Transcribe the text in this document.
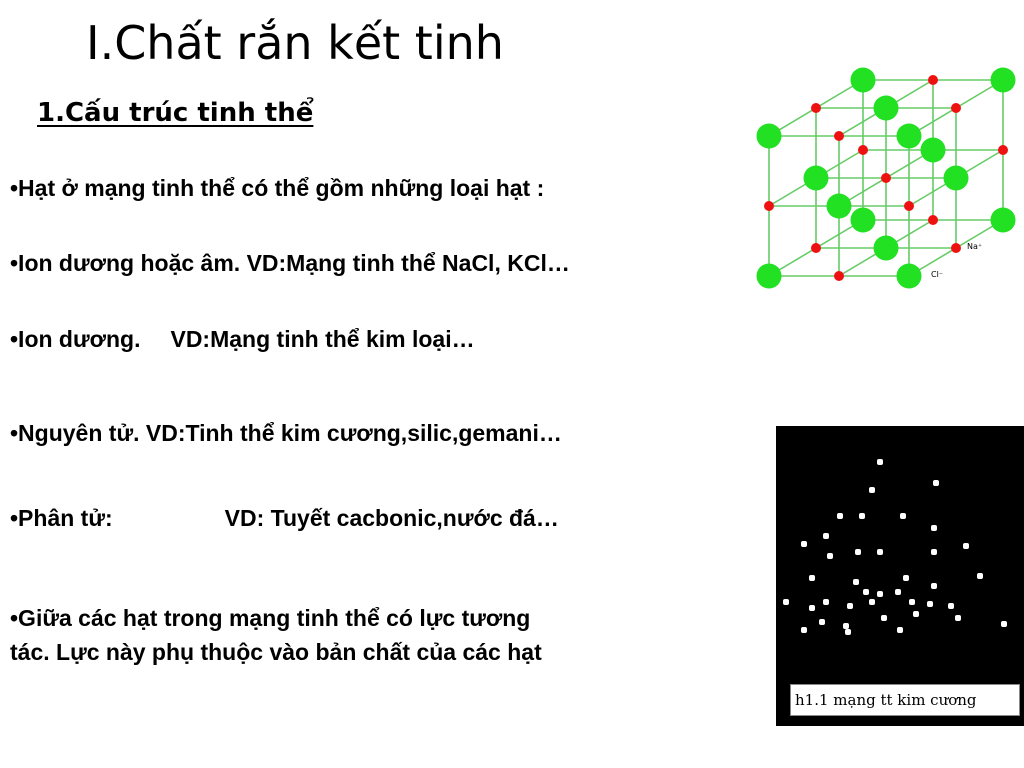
I.Chất rắn kết tinh
1.Cấu trúc tinh thể
•Hạt ở mạng tinh thể có thể gồm những loại hạt :
•Ion dương hoặc âm. VD:Mạng tinh thể NaCl, KCl…
•Ion dương. VD:Mạng tinh thể kim loại…
•Nguyên tử. VD:Tinh thể kim cương,silic,gemani…
•Phân tử:	VD: Tuyết cacbonic,nước đá…
•Giữa các hạt trong mạng tinh thể có lực tương
tác. Lực này phụ thuộc vào bản chất của các hạt
Na⁺
Cl⁻
h1.1 mạng tt kim cương
